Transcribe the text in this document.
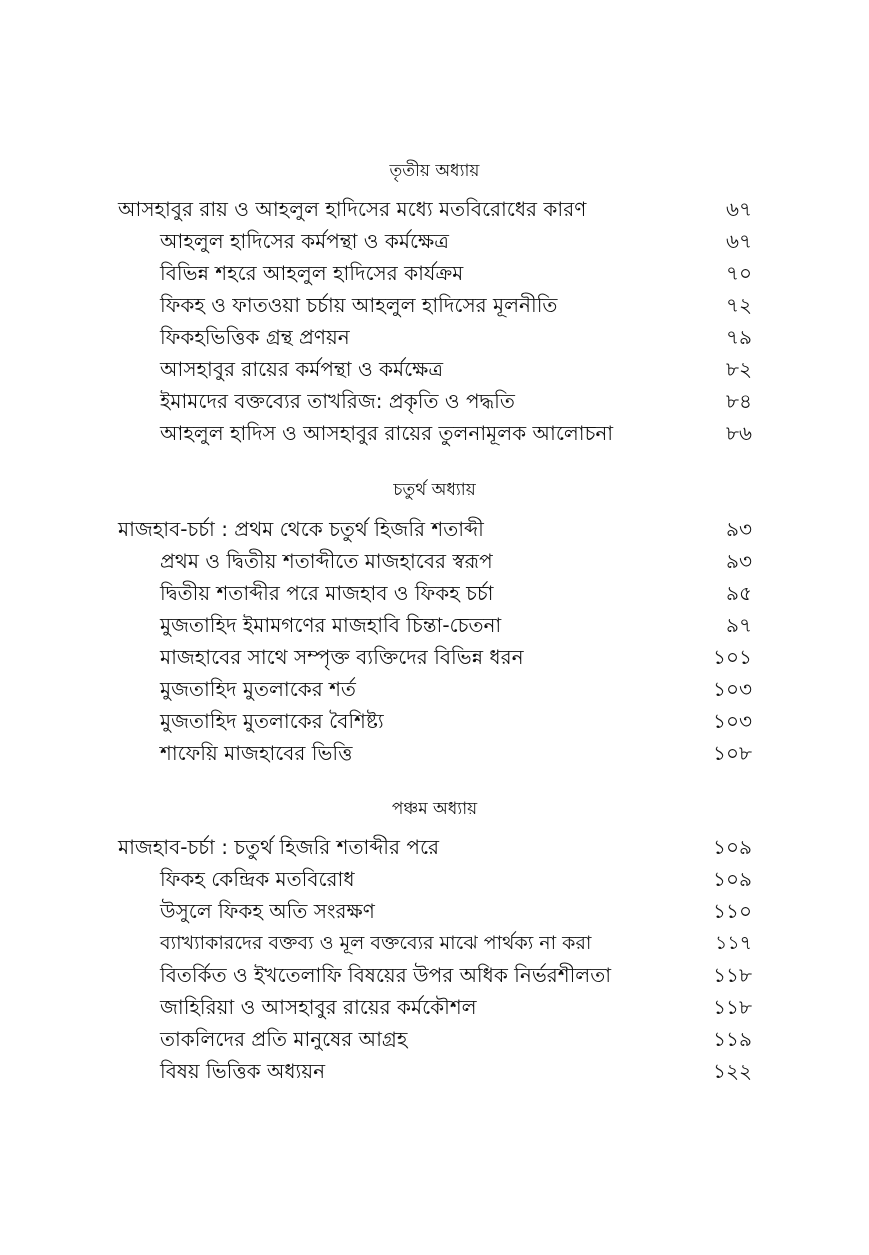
তৃতীয় অধ্যায়
আসহাবুর রায় ও আহলুল হাদিসের মধ্যে মতবিরোধের কারণ	৬৭
আহলুল হাদিসের কর্মপন্থা ও কর্মক্ষেত্র	৬৭
বিভিন্ন শহরে আহলুল হাদিসের কার্যক্রম	৭০
ফিকহ ও ফাতওয়া চর্চায় আহলুল হাদিসের মূলনীতি	৭২
ফিকহভিত্তিক গ্রন্থ প্রণয়ন	৭৯
আসহাবুর রায়ের কর্মপন্থা ও কর্মক্ষেত্র	৮২
ইমামদের বক্তব্যের তাখরিজ: প্রকৃতি ও পদ্ধতি	৮৪
আহলুল হাদিস ও আসহাবুর রায়ের তুলনামূলক আলোচনা	৮৬
চতুর্থ অধ্যায়
মাজহাব-চর্চা : প্রথম থেকে চতুর্থ হিজরি শতাব্দী	৯৩
প্রথম ও দ্বিতীয় শতাব্দীতে মাজহাবের স্বরূপ	৯৩
দ্বিতীয় শতাব্দীর পরে মাজহাব ও ফিকহ চর্চা	৯৫
মুজতাহিদ ইমামগণের মাজহাবি চিন্তা-চেতনা	৯৭
মাজহাবের সাথে সম্পৃক্ত ব্যক্তিদের বিভিন্ন ধরন	১০১
মুজতাহিদ মুতলাকের শর্ত	১০৩
মুজতাহিদ মুতলাকের বৈশিষ্ট্য	১০৩
শাফেয়ি মাজহাবের ভিত্তি	১০৮
পঞ্চম অধ্যায়
মাজহাব-চর্চা : চতুর্থ হিজরি শতাব্দীর পরে	১০৯
ফিকহ কেন্দ্রিক মতবিরোধ	১০৯
উসুলে ফিকহ অতি সংরক্ষণ	১১০
ব্যাখ্যাকারদের বক্তব্য ও মূল বক্তব্যের মাঝে পার্থক্য না করা	১১৭
বিতর্কিত ও ইখতেলাফি বিষয়ের উপর অধিক নির্ভরশীলতা	১১৮
জাহিরিয়া ও আসহাবুর রায়ের কর্মকৌশল	১১৮
তাকলিদের প্রতি মানুষের আগ্রহ	১১৯
বিষয় ভিত্তিক অধ্যয়ন	১২২
